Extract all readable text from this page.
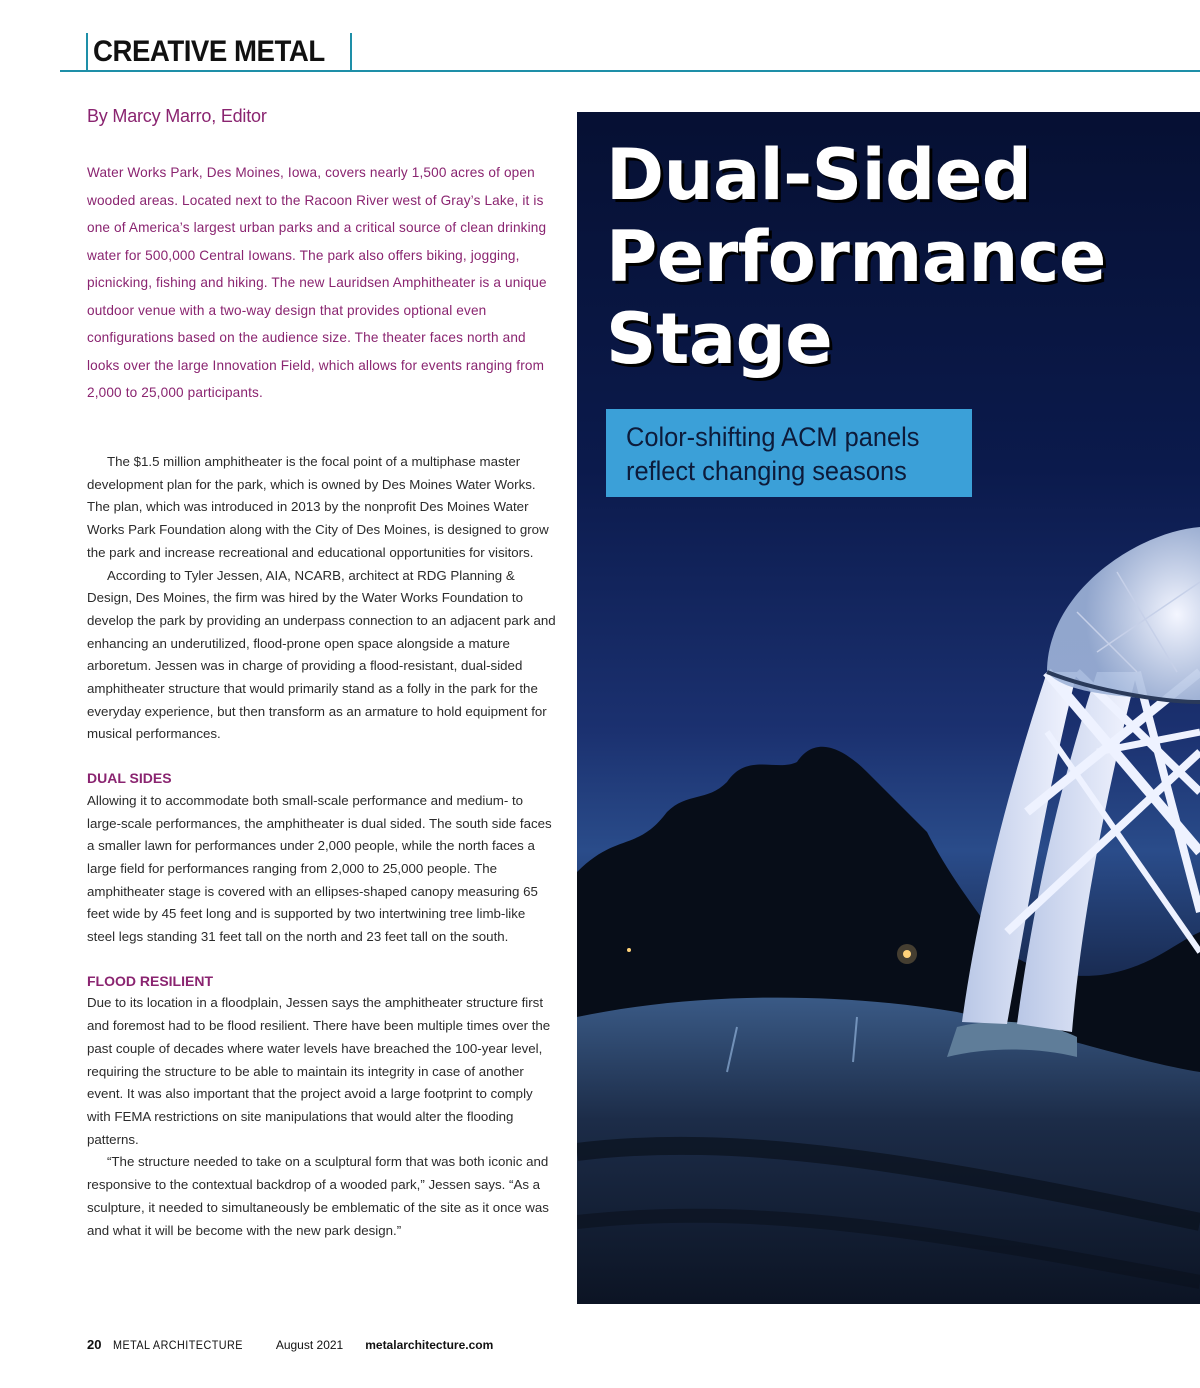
CREATIVE METAL
By Marcy Marro, Editor

Water Works Park, Des Moines, Iowa, covers nearly 1,500 acres of open wooded areas. Located next to the Racoon River west of Gray’s Lake, it is one of America’s largest urban parks and a critical source of clean drinking water for 500,000 Central Iowans. The park also offers biking, jogging, picnicking, fishing and hiking. The new Lauridsen Amphitheater is a unique outdoor venue with a two-way design that provides optional even configurations based on the audience size. The theater faces north and looks over the large Innovation Field, which allows for events ranging from 2,000 to 25,000 participants.

The $1.5 million amphitheater is the focal point of a multiphase master development plan for the park, which is owned by Des Moines Water Works. The plan, which was introduced in 2013 by the nonprofit Des Moines Water Works Park Foundation along with the City of Des Moines, is designed to grow the park and increase recreational and educational opportunities for visitors.

According to Tyler Jessen, AIA, NCARB, architect at RDG Planning & Design, Des Moines, the firm was hired by the Water Works Foundation to develop the park by providing an underpass connection to an adjacent park and enhancing an underutilized, flood-prone open space alongside a mature arboretum. Jessen was in charge of providing a flood-resistant, dual-sided amphitheater structure that would primarily stand as a folly in the park for the everyday experience, but then transform as an armature to hold equipment for musical performances.

DUAL SIDES

Allowing it to accommodate both small-scale performance and medium- to large-scale performances, the amphitheater is dual sided. The south side faces a smaller lawn for performances under 2,000 people, while the north faces a large field for performances ranging from 2,000 to 25,000 people. The amphitheater stage is covered with an ellipses-shaped canopy measuring 65 feet wide by 45 feet long and is supported by two intertwining tree limb-like steel legs standing 31 feet tall on the north and 23 feet tall on the south.

FLOOD RESILIENT

Due to its location in a floodplain, Jessen says the amphitheater structure first and foremost had to be flood resilient. There have been multiple times over the past couple of decades where water levels have breached the 100-year level, requiring the structure to be able to maintain its integrity in case of another event. It was also important that the project avoid a large footprint to comply with FEMA restrictions on site manipulations that would alter the flooding patterns.

“The structure needed to take on a sculptural form that was both iconic and responsive to the contextual backdrop of a wooded park,” Jessen says. “As a sculpture, it needed to simultaneously be emblematic of the site as it once was and what it will be become with the new park design.”

Dual-Sided
Performance
Stage
Color-shifting ACM panels
reflect changing seasons
20 METAL ARCHITECTURE	August 2021 metalarchitecture.com
